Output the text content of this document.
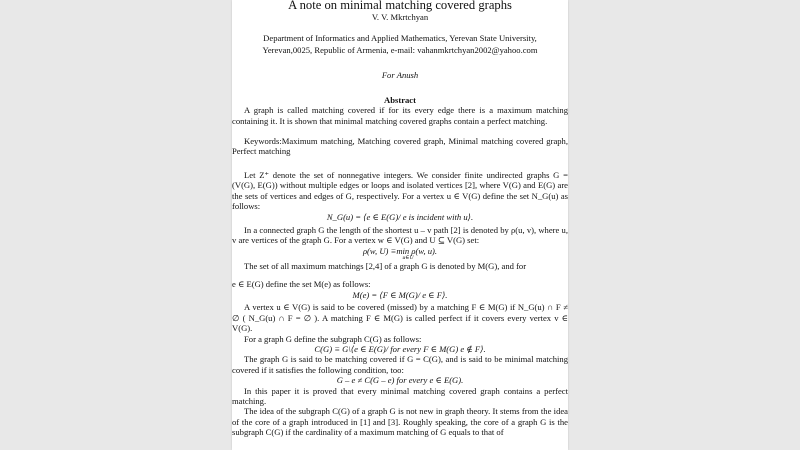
A note on minimal matching covered graphs
V. V. Mkrtchyan
Department of Informatics and Applied Mathematics, Yerevan State University,
Yerevan,0025, Republic of Armenia, e-mail: vahanmkrtchyan2002@yahoo.com
For Anush
Abstract

A graph is called matching covered if for its every edge there is a maximum matching containing it. It is shown that minimal matching covered graphs contain a perfect matching.

Keywords:Maximum matching, Matching covered graph, Minimal matching covered graph, Perfect matching

Let Z⁺ denote the set of nonnegative integers. We consider finite undirected graphs G = (V(G), E(G)) without multiple edges or loops and isolated vertices [2], where V(G) and E(G) are the sets of vertices and edges of G, respectively. For a vertex u ∈ V(G) define the set N_G(u) as follows:

N_G(u) = ⟨e ∈ E(G)/ e is incident with u⟩.

In a connected graph G the length of the shortest u – v path [2] is denoted by ρ(u, v), where u, v are vertices of the graph G. For a vertex w ∈ V(G) and U ⊆ V(G) set:

ρ(w, U) ≡min ρ(w, u).
u∈U

The set of all maximum matchings [2,4] of a graph G is denoted by M(G), and for

e ∈ E(G) define the set M(e) as follows:

M(e) = ⟨F ∈ M(G)/ e ∈ F⟩.

A vertex u ∈ V(G) is said to be covered (missed) by a matching F ∈ M(G) if N_G(u) ∩ F ≠ ∅ ( N_G(u) ∩ F = ∅ ). A matching F ∈ M(G) is called perfect if it covers every vertex v ∈ V(G).

For a graph G define the subgraph C(G) as follows:

C(G) ≡ G\⟨e ∈ E(G)/ for every F ∈ M(G) e ∉ F⟩.

The graph G is said to be matching covered if G = C(G), and is said to be minimal matching covered if it satisfies the following condition, too:

G – e ≠ C(G – e) for every e ∈ E(G).

In this paper it is proved that every minimal matching covered graph contains a perfect matching.

The idea of the subgraph C(G) of a graph G is not new in graph theory. It stems from the idea of the core of a graph introduced in [1] and [3]. Roughly speaking, the core of a graph G is the subgraph C(G) if the cardinality of a maximum matching of G equals to that of
